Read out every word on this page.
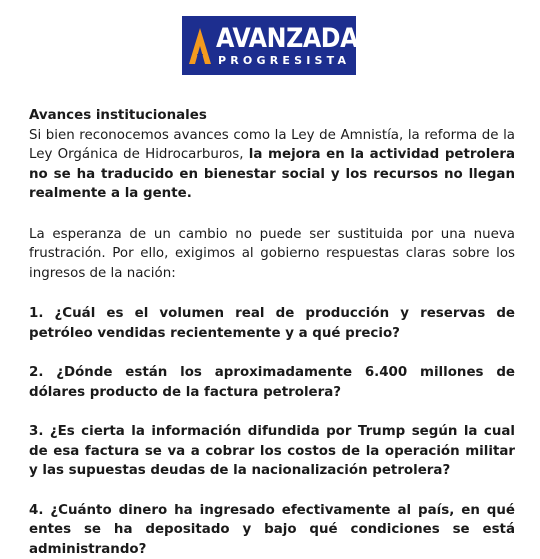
AVANZADA
PROGRESISTA

Avances institucionales

Si bien reconocemos avances como la Ley de Amnistía, la reforma de la Ley Orgánica de Hidrocarburos, la mejora en la actividad petrolera no se ha traducido en bienestar social y los recursos no llegan realmente a la gente.

La esperanza de un cambio no puede ser sustituida por una nueva frustración. Por ello, exigimos al gobierno respuestas claras sobre los ingresos de la nación:

1. ¿Cuál es el volumen real de producción y reservas de petróleo vendidas recientemente y a qué precio?

2. ¿Dónde están los aproximadamente 6.400 millones de dólares producto de la factura petrolera?

3. ¿Es cierta la información difundida por Trump según la cual de esa factura se va a cobrar los costos de la operación militar y las supuestas deudas de la nacionalización petrolera?

4. ¿Cuánto dinero ha ingresado efectivamente al país, en qué entes se ha depositado y bajo qué condiciones se está administrando?
